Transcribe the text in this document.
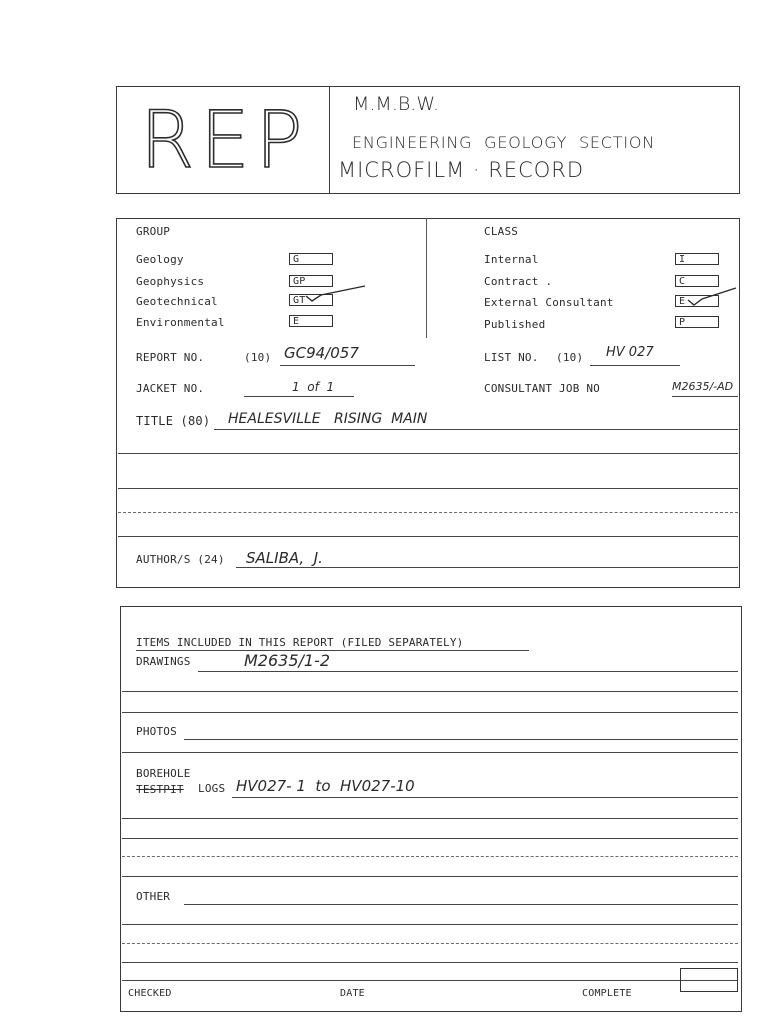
REP M.M.B.W.
ENGINEERING  GEOLOGY  SECTION
MICROFILM · RECORD
GROUP	CLASS
Geology	G
Geophysics	GP
Geotechnical	GT
Environmental	E
Internal	I
Contract .	C
External Consultant	E
Published	P
REPORT NO.	(10) GC94/057	LIST NO. (10) HV 027
JACKET NO.	1  of  1	CONSULTANT JOB NO	M2635/-AD
TITLE (80) HEALESVILLE   RISING  MAIN
AUTHOR/S (24) SALIBA,  J.
ITEMS INCLUDED IN THIS REPORT (FILED SEPARATELY)
DRAWINGS	M2635/1-2
PHOTOS
BOREHOLE
TESTPIT LOGS HV027- 1  to  HV027-10
OTHER
CHECKED	DATE	COMPLETE
